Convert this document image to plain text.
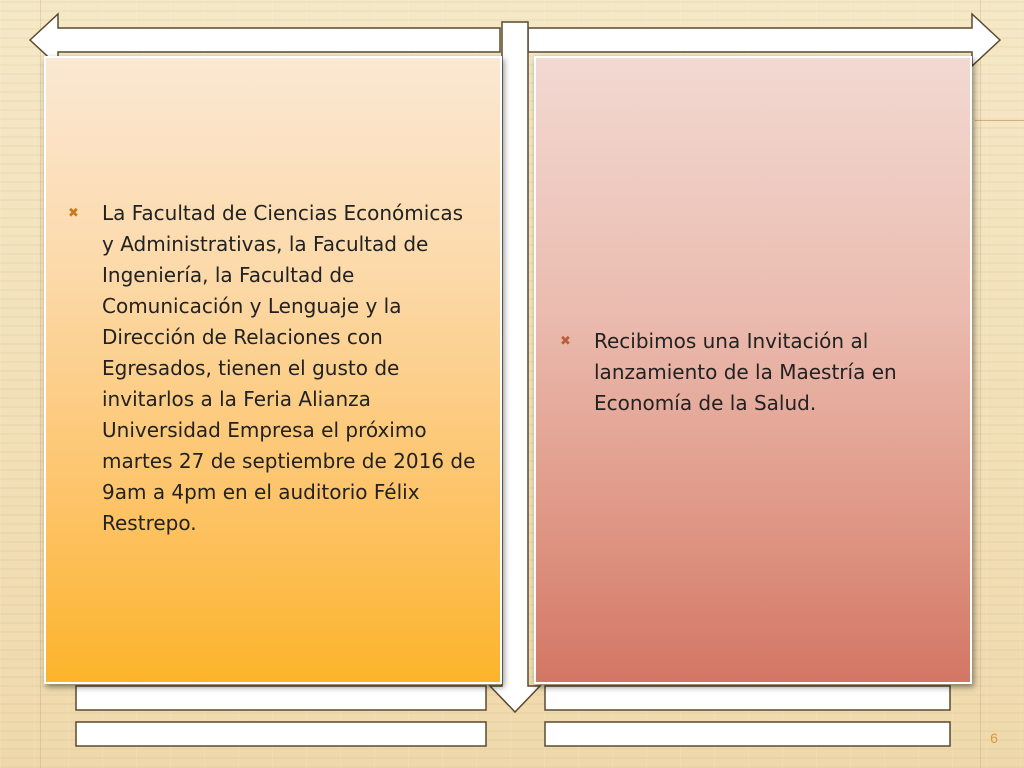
✖	La Facultad de Ciencias Económicas y Administrativas, la Facultad de Ingeniería, la Facultad de Comunicación y Lenguaje y la Dirección de Relaciones con Egresados, tienen el gusto de invitarlos a la Feria Alianza Universidad Empresa el próximo martes 27 de septiembre de 2016 de 9am a 4pm en el auditorio Félix Restrepo.
✖	Recibimos una Invitación al lanzamiento de la Maestría en Economía de la Salud.
6
